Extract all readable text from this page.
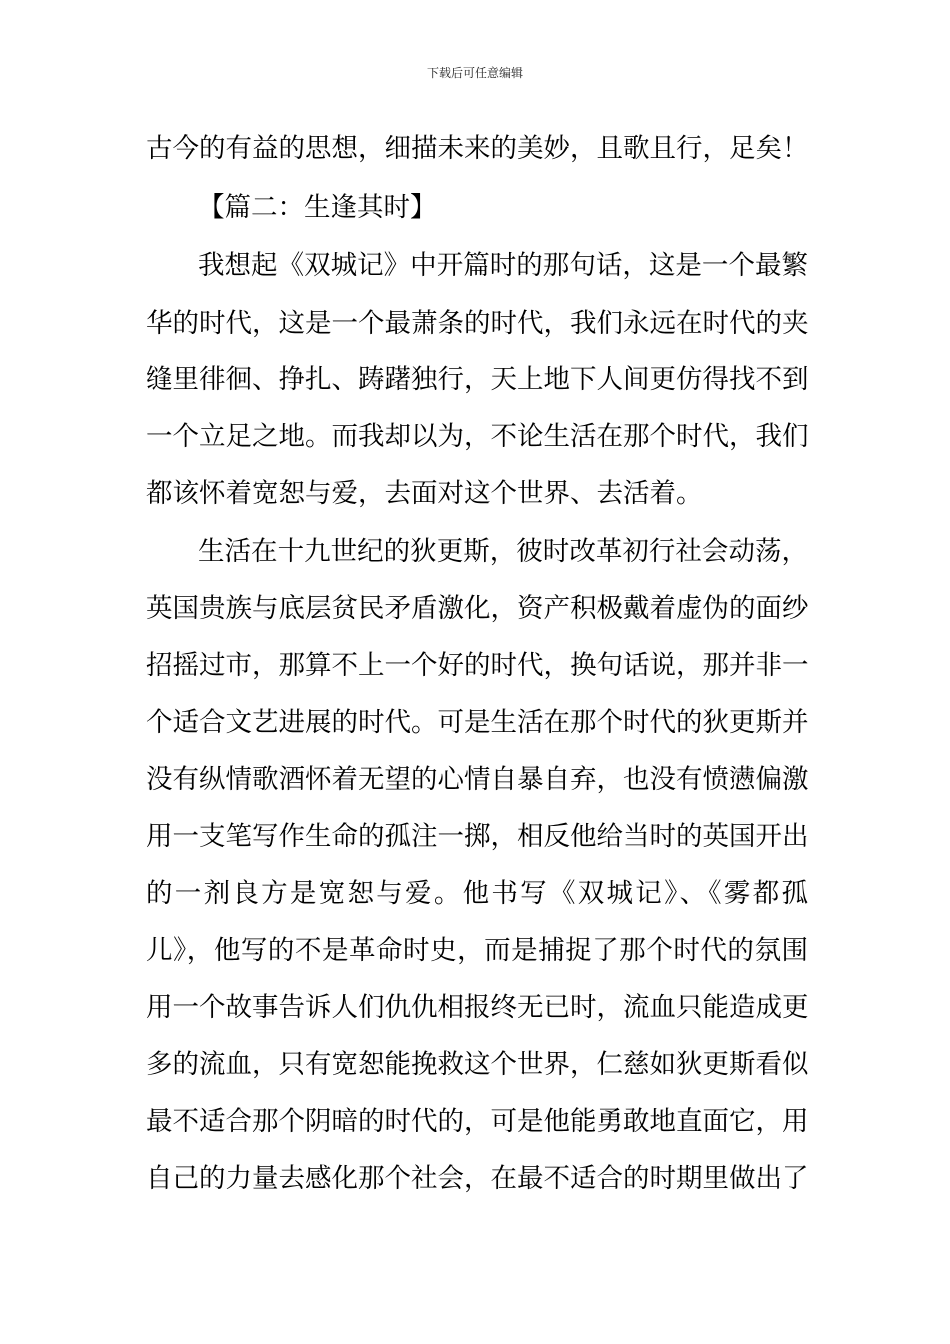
下载后可任意编辑
古今的有益的思想，细描未来的美妙，且歌且行，足矣！
【篇二：生逢其时】
我想起《双城记》中开篇时的那句话，这是一个最繁
华的时代，这是一个最萧条的时代，我们永远在时代的夹
缝里徘徊、挣扎、踌躇独行，天上地下人间更仿得找不到
一个立足之地。而我却以为，不论生活在那个时代，我们
都该怀着宽恕与爱，去面对这个世界、去活着。
生活在十九世纪的狄更斯，彼时改革初行社会动荡，
英国贵族与底层贫民矛盾激化，资产积极戴着虚伪的面纱
招摇过市，那算不上一个好的时代，换句话说，那并非一
个适合文艺进展的时代。可是生活在那个时代的狄更斯并
没有纵情歌酒怀着无望的心情自暴自弃，也没有愤懑偏激
用一支笔写作生命的孤注一掷，相反他给当时的英国开出
的一剂良方是宽恕与爱。他书写《双城记》、《雾都孤
儿》，他写的不是革命时史，而是捕捉了那个时代的氛围
用一个故事告诉人们仇仇相报终无已时，流血只能造成更
多的流血，只有宽恕能挽救这个世界，仁慈如狄更斯看似
最不适合那个阴暗的时代的，可是他能勇敢地直面它，用
自己的力量去感化那个社会，在最不适合的时期里做出了
